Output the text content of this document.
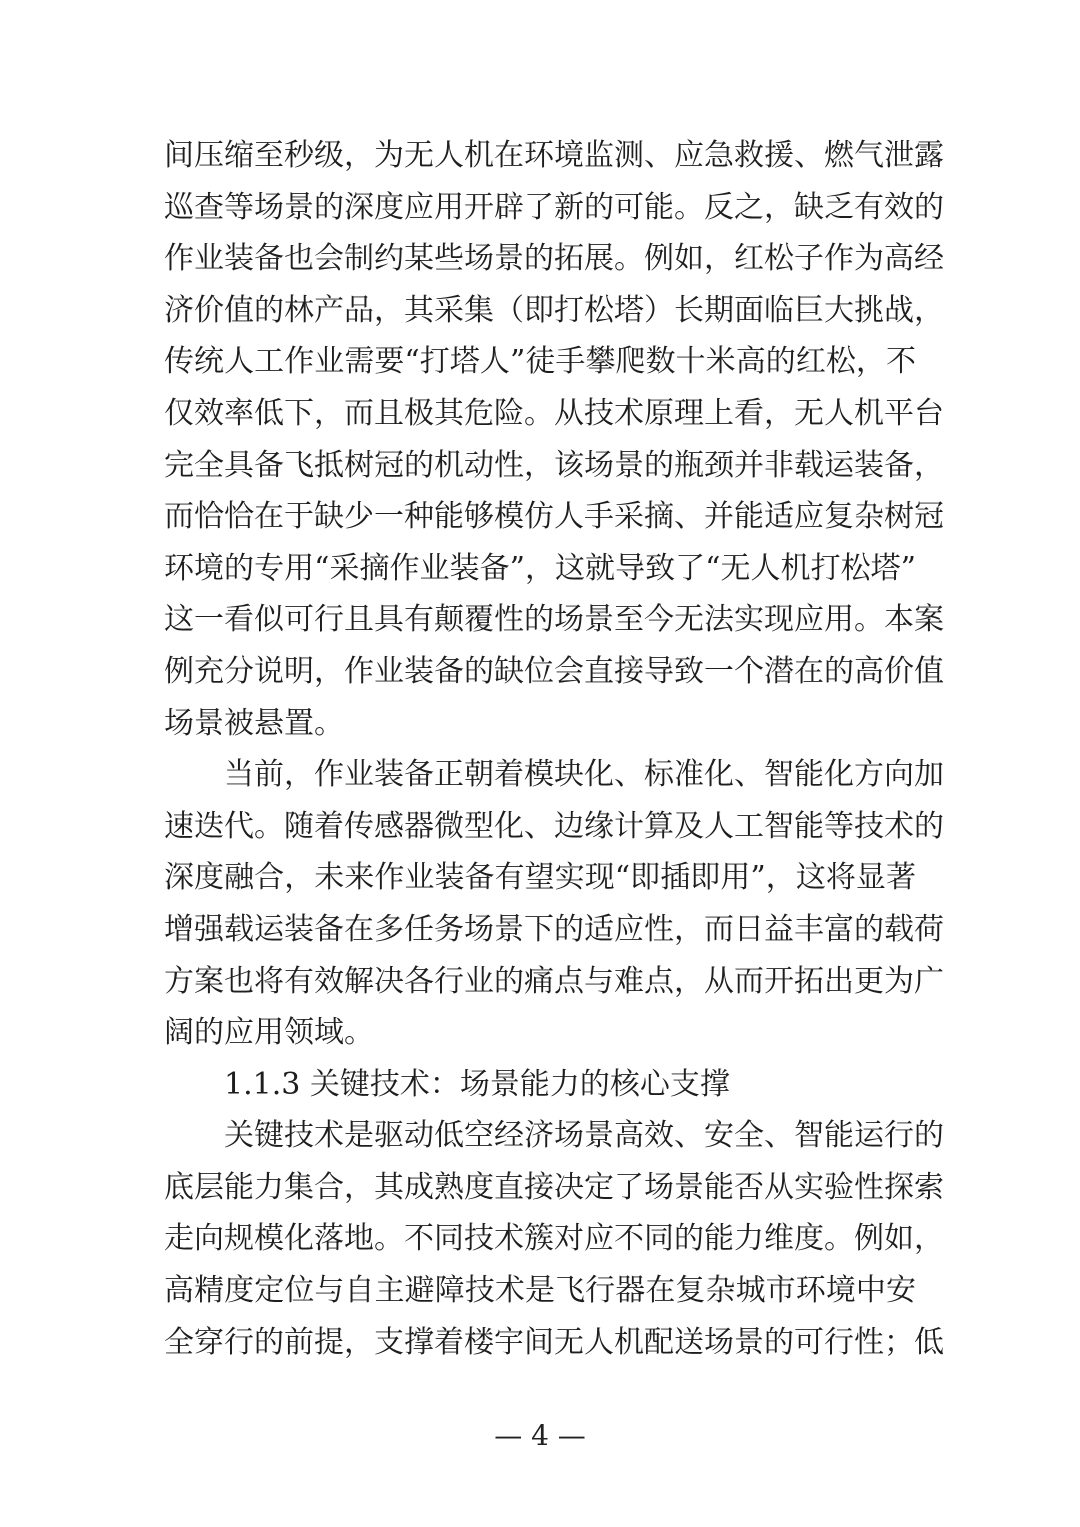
间压缩至秒级，为无人机在环境监测、应急救援、燃气泄露
巡查等场景的深度应用开辟了新的可能。反之，缺乏有效的
作业装备也会制约某些场景的拓展。例如，红松子作为高经
济价值的林产品，其采集（即打松塔）长期面临巨大挑战，
传统人工作业需要“打塔人”徒手攀爬数十米高的红松，不
仅效率低下，而且极其危险。从技术原理上看，无人机平台
完全具备飞抵树冠的机动性，该场景的瓶颈并非载运装备，
而恰恰在于缺少一种能够模仿人手采摘、并能适应复杂树冠
环境的专用“采摘作业装备”，这就导致了“无人机打松塔”
这一看似可行且具有颠覆性的场景至今无法实现应用。本案
例充分说明，作业装备的缺位会直接导致一个潜在的高价值
场景被悬置。
当前，作业装备正朝着模块化、标准化、智能化方向加
速迭代。随着传感器微型化、边缘计算及人工智能等技术的
深度融合，未来作业装备有望实现“即插即用”，这将显著
增强载运装备在多任务场景下的适应性，而日益丰富的载荷
方案也将有效解决各行业的痛点与难点，从而开拓出更为广
阔的应用领域。
1.1.3 关键技术：场景能力的核心支撑
关键技术是驱动低空经济场景高效、安全、智能运行的
底层能力集合，其成熟度直接决定了场景能否从实验性探索
走向规模化落地。不同技术簇对应不同的能力维度。例如，
高精度定位与自主避障技术是飞行器在复杂城市环境中安
全穿行的前提，支撑着楼宇间无人机配送场景的可行性；低
— 4 —
